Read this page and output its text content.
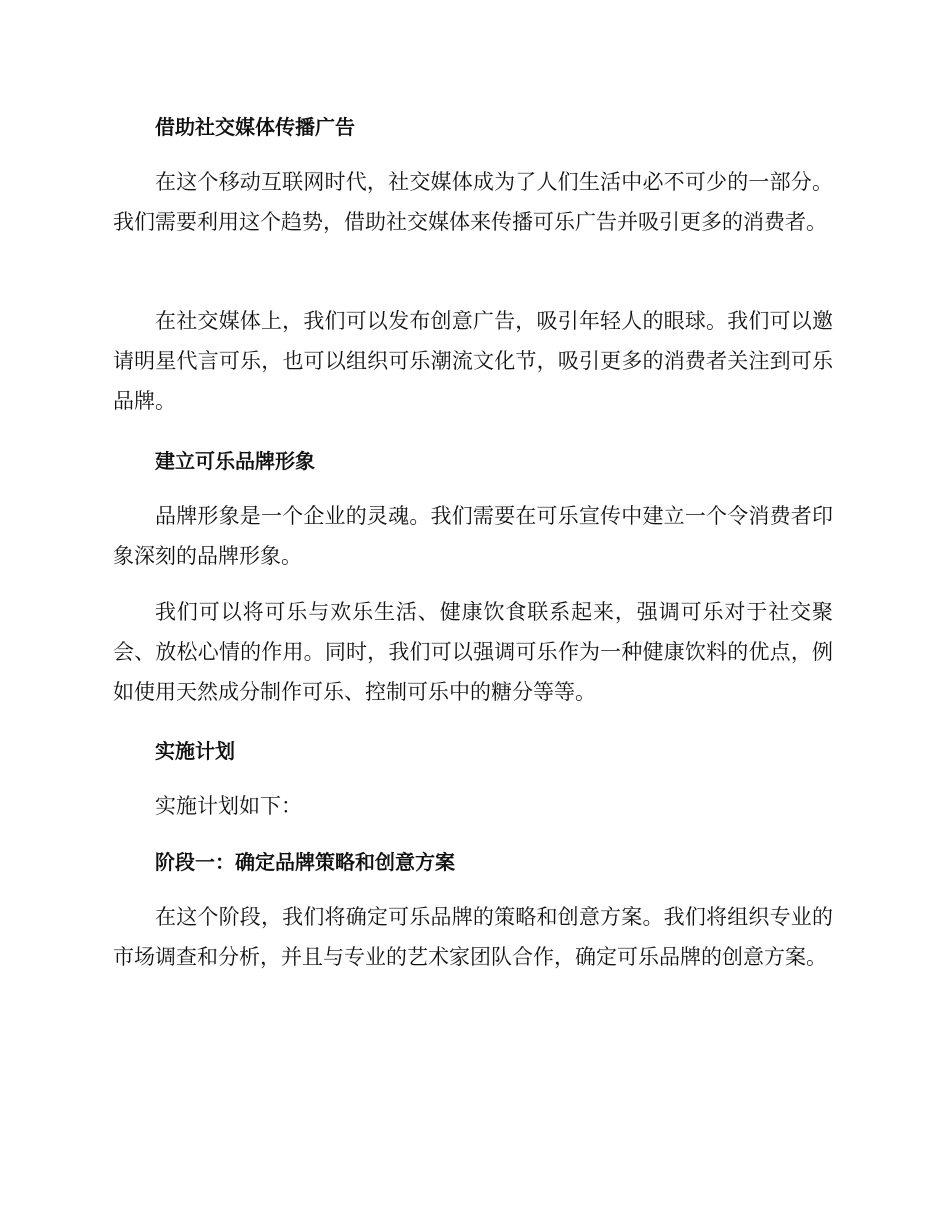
借助社交媒体传播广告

在这个移动互联网时代，社交媒体成为了人们生活中必不可少的一部分。我们需要利用这个趋势，借助社交媒体来传播可乐广告并吸引更多的消费者。

在社交媒体上，我们可以发布创意广告，吸引年轻人的眼球。我们可以邀请明星代言可乐，也可以组织可乐潮流文化节，吸引更多的消费者关注到可乐品牌。

建立可乐品牌形象

品牌形象是一个企业的灵魂。我们需要在可乐宣传中建立一个令消费者印象深刻的品牌形象。

我们可以将可乐与欢乐生活、健康饮食联系起来，强调可乐对于社交聚会、放松心情的作用。同时，我们可以强调可乐作为一种健康饮料的优点，例如使用天然成分制作可乐、控制可乐中的糖分等等。

实施计划

实施计划如下：

阶段一：确定品牌策略和创意方案

在这个阶段，我们将确定可乐品牌的策略和创意方案。我们将组织专业的市场调查和分析，并且与专业的艺术家团队合作，确定可乐品牌的创意方案。
